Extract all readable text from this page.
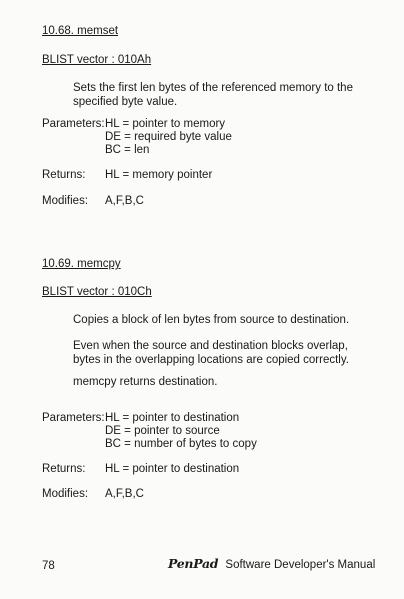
10.68. memset
BLIST vector : 010Ah
Sets the first len bytes of the referenced memory to the specified byte value.
Parameters: HL = pointer to memory
DE = required byte value
BC = len
Returns: HL = memory pointer
Modifies: A,F,B,C
10.69. memcpy
BLIST vector : 010Ch
Copies a block of len bytes from source to destination.
Even when the source and destination blocks overlap, bytes in the overlapping locations are copied correctly.
memcpy returns destination.
Parameters: HL = pointer to destination
DE = pointer to source
BC = number of bytes to copy
Returns: HL = pointer to destination
Modifies: A,F,B,C
78	PenPad Software Developer's Manual
